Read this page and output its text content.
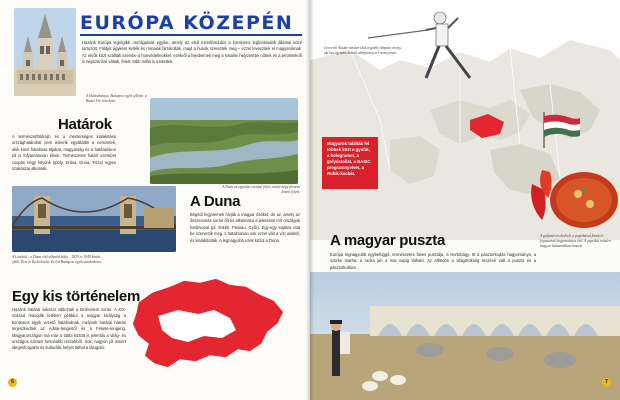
EURÓPA KÖZEPÉN
Hazánk Európa legrégibb országainak egyike, amely az első ezredfordulón a kontinens legfontosabb államai közé tartozott. Földjét ágyként kelték és rómaiak birtokolták, majd a hunok szerezték meg – ezzel leveszitek el magyaroknak. Az elsők közt szállták szembe a honvédelmükkel, ezekről a fejedelmek meg a hatalmi helyzetébe nőttek és a területekről is népszerűvé váltak, felett, több millió is születtek.
A Halászbástya, Budapest egyik jelképe, a Budai Vár részeként.
Határok
A természetföldrajzi és a mesterséges kialakítású országhatárokat nem ismerik egyáltalán a nemzetek, akik közé hatalmas tájakat, magyarság és a határainkon túl is folyamatosan élnek. Természetes határt szerepet csupán négy folyónk (Ipoly, Dráva, Duna, Tisza) egyes szakaszai alkotnak.
A Duna az egyetlen európai folyó, amely négy főváros között folyik.
A Lánchíd – a Duna első állandó hídja – 1839 és 1849 között épült, Pest és Buda között. Ez lett Budapest egyik szimbóluma.
A Duna
Bégédi fegyvernek hívják a magyar ősöket, de az, amely az ősszevonás során őlt és alkalmasa a jelentésé mít országok határvonal (pl. Ilokék, Passau, Győr). Egy-egy sajátos utat be szervezik meg, s hatalmasan sok ezzel vált a vízi utaktól, és kialakították. A legnagyobb ezek közül a Duna.
Egy kis történelem
Hazánk határai sokszor változtak a történelem során. A XIX. század második felében például a magyar királyság a kontinens egyik vezető hatalmának, melynek határai hátrán terjeszkedtek az Adriai-tengertől és a Fekete-tengerig. Magyarországon ma már a többi között is jelentős a világ- és országos szinten fontosabb részekből. Sok, nagyon jól ismert idegenforgalmi és kulturális helyet láthat a látogató.
6
Gerevich Aladár minden idők legjobb olimpiai vívója, aki hat egymást követő olimpián nyert aranyérmet.
Magyarok találták fel többek közt a gyufát, a hologramot, a golyóstollat, a BASIC programnyelvet, a Rubik-kockát.
A gulyásleves kedvelt, a paprikával főzött és fogyasztott hagyományos étel. A paprikát minden magyar háztartásban ismerik.
A magyar puszta
Európa legnagyobb egybefüggő, természetes füves pusztája, a Hortobágy. Itt a pásztorkodás hagyománya, a szürke marha, a racka juh a mai napig látható. Az Alföldön a világörökség részévé vált a puszta és a pásztorkultúra.
7
